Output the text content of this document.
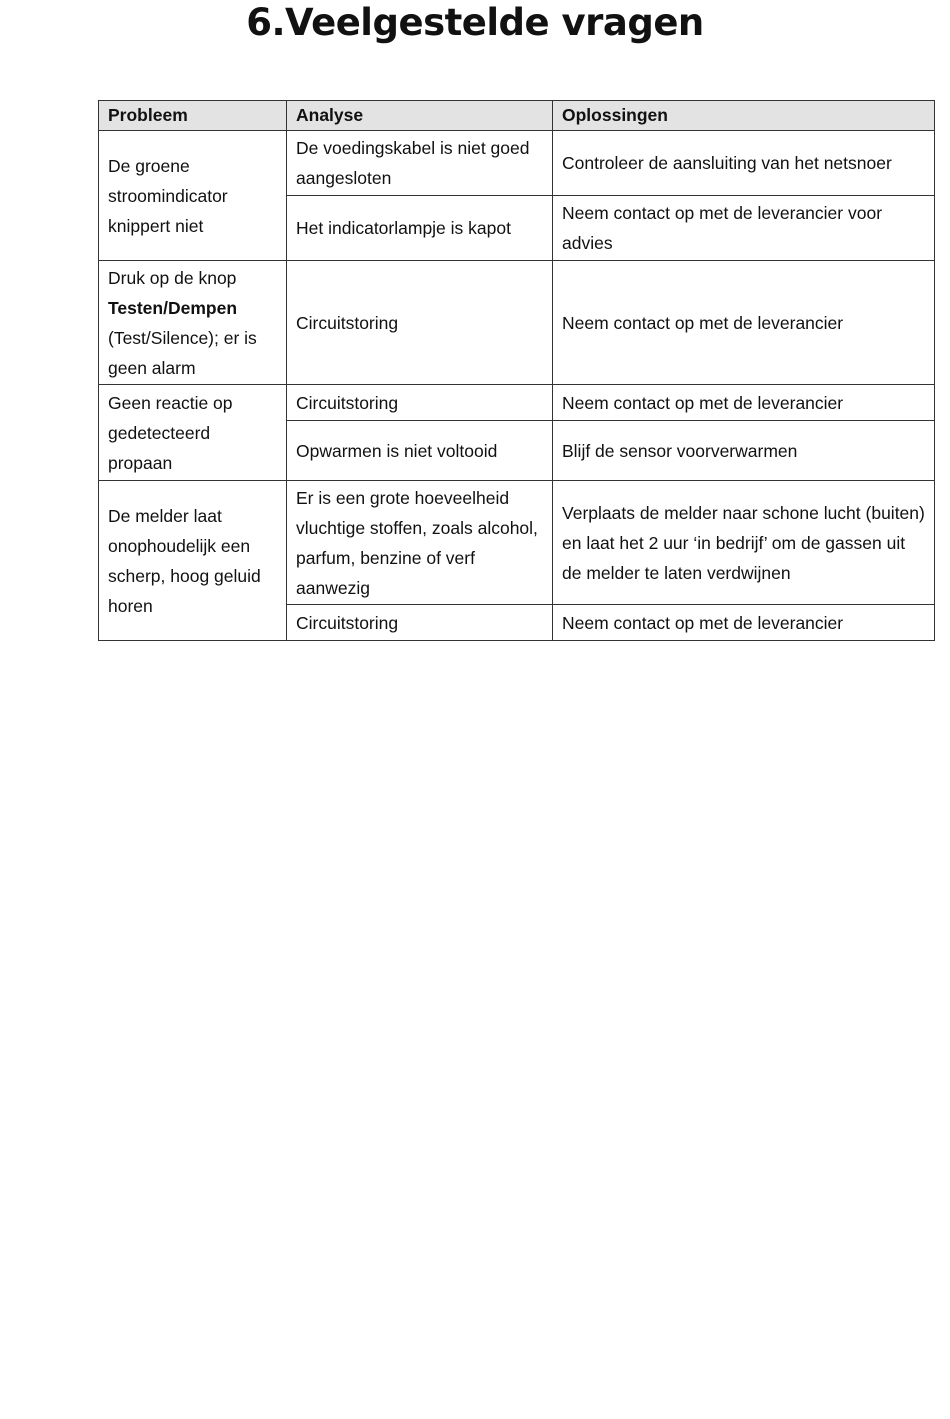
6.Veelgestelde vragen
Probleem	Analyse	Oplossingen
De groene stroomindicator knippert niet	De voedingskabel is niet goed aangesloten	Controleer de aansluiting van het netsnoer
	Het indicatorlampje is kapot	Neem contact op met de leverancier voor advies
Druk op de knop
Testen/Dempen
(Test/Silence); er is geen alarm	Circuitstoring	Neem contact op met de leverancier
Geen reactie op gedetecteerd propaan	Circuitstoring	Neem contact op met de leverancier
	Opwarmen is niet voltooid	Blijf de sensor voorverwarmen
De melder laat onophoudelijk een scherp, hoog geluid horen	Er is een grote hoeveelheid vluchtige stoffen, zoals alcohol, parfum, benzine of verf aanwezig	Verplaats de melder naar schone lucht (buiten) en laat het 2 uur ‘in bedrijf’ om de gassen uit de melder te laten verdwijnen
	Circuitstoring	Neem contact op met de leverancier
